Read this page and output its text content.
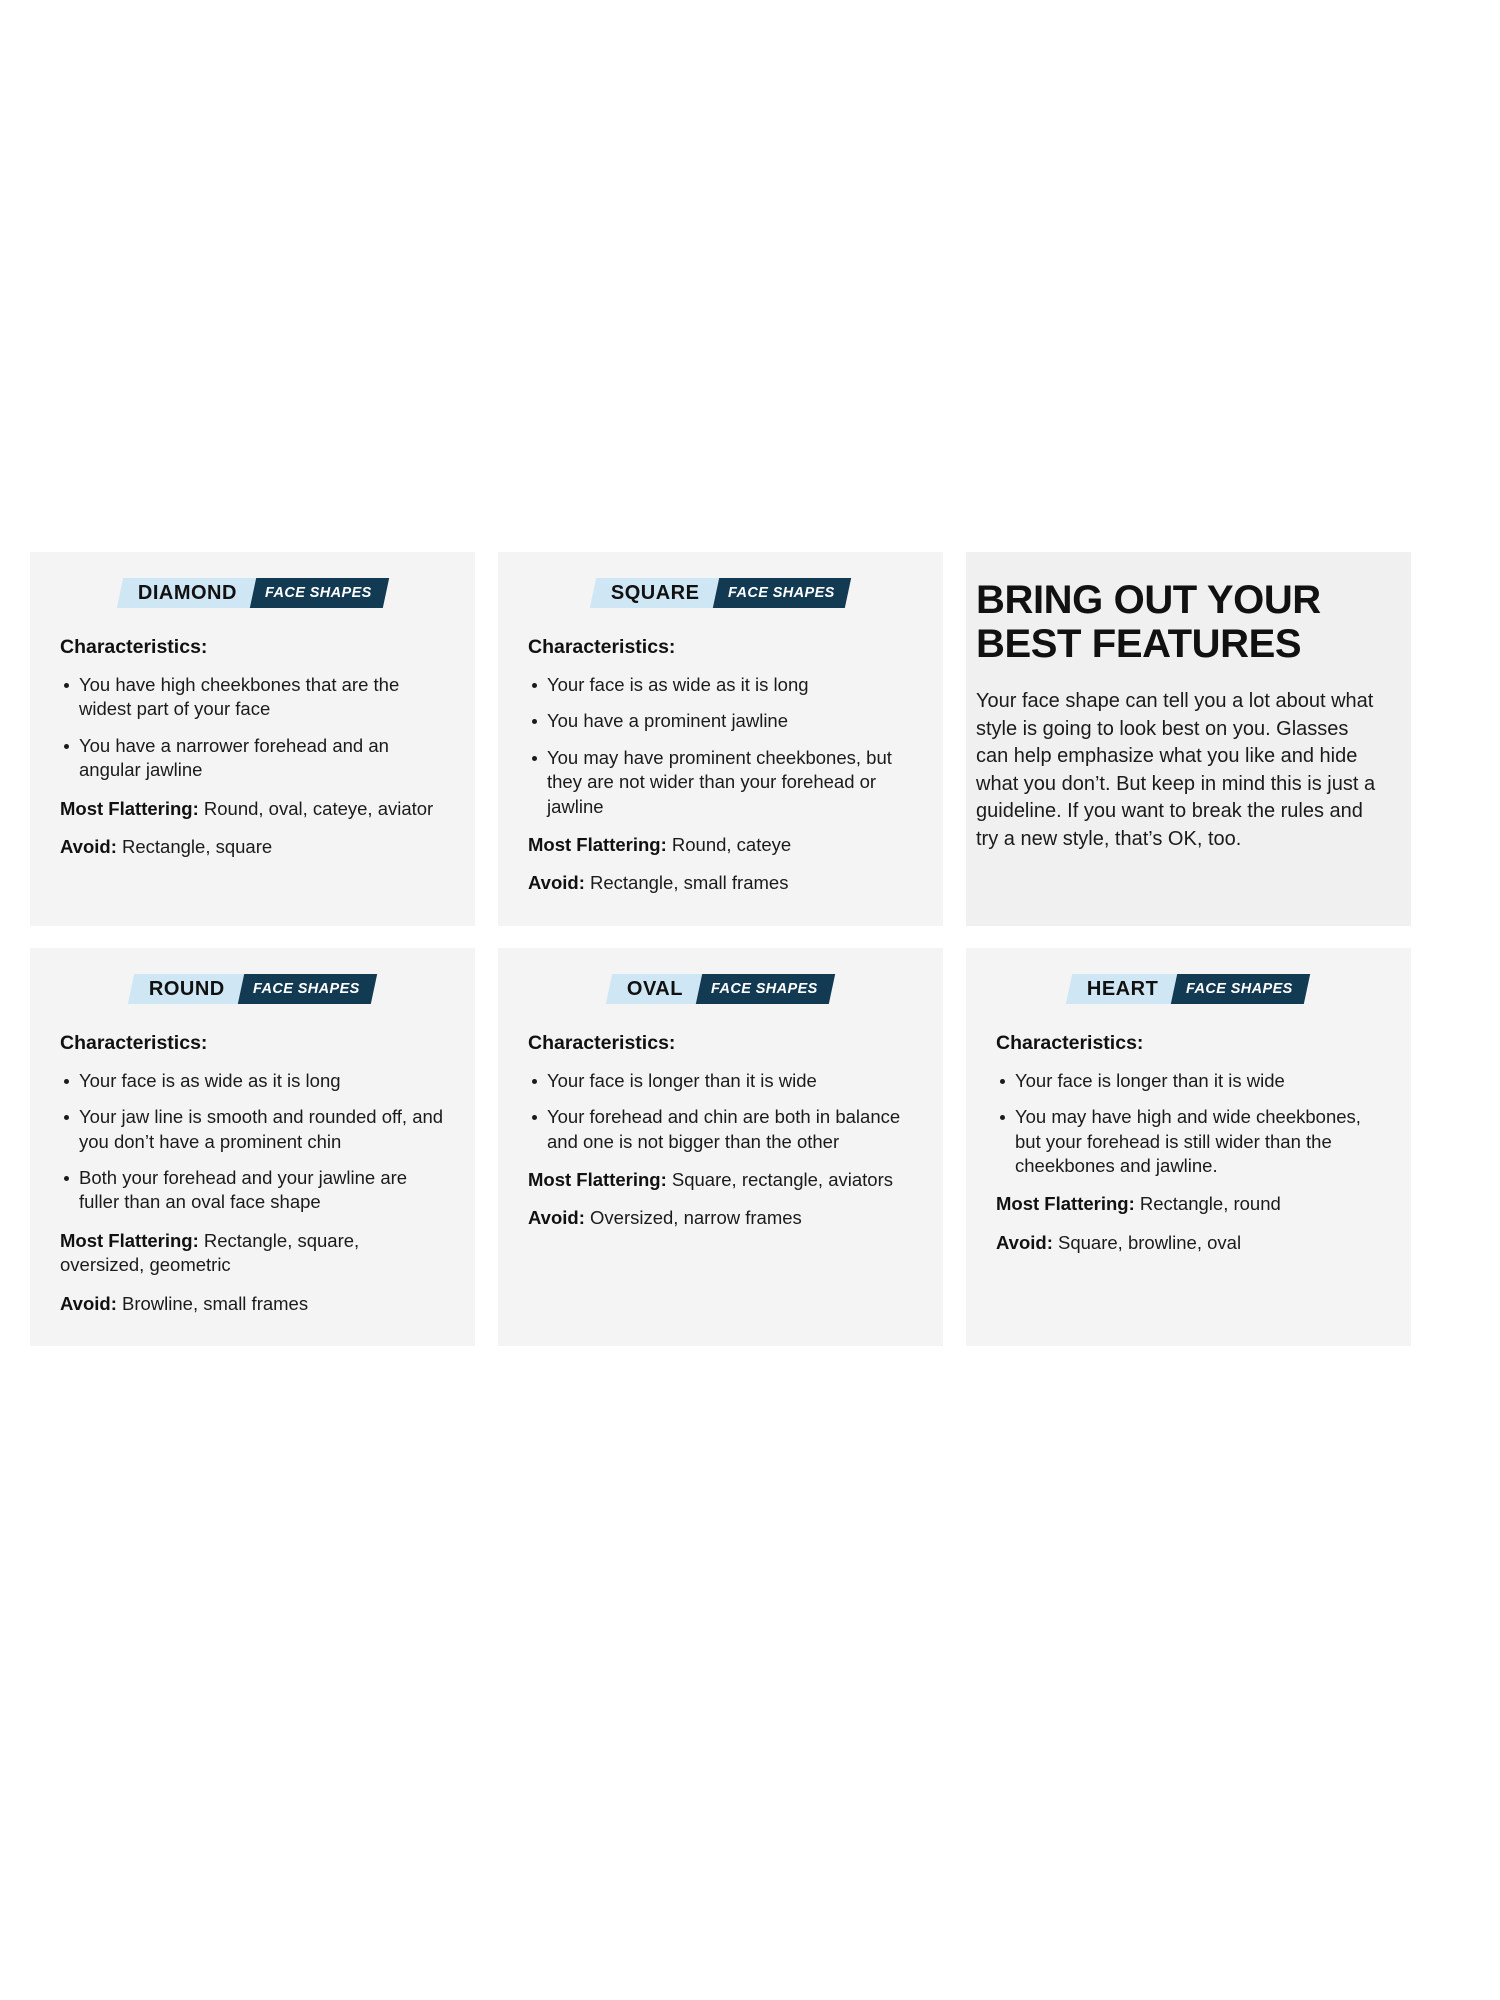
DIAMOND FACE SHAPES
Characteristics:
You have high cheekbones that are the widest part of your face
You have a narrower forehead and an angular jawline

Most Flattering: Round, oval, cateye, aviator

Avoid: Rectangle, square

SQUARE FACE SHAPES
Characteristics:
Your face is as wide as it is long
You have a prominent jawline
You may have prominent cheekbones, but they are not wider than your forehead or jawline

Most Flattering: Round, cateye

Avoid: Rectangle, small frames

BRING OUT YOUR BEST FEATURES

Your face shape can tell you a lot about what style is going to look best on you. Glasses can help emphasize what you like and hide what you don’t. But keep in mind this is just a guideline. If you want to break the rules and try a new style, that’s OK, too.

ROUND FACE SHAPES
Characteristics:
Your face is as wide as it is long
Your jaw line is smooth and rounded off, and you don’t have a prominent chin
Both your forehead and your jawline are fuller than an oval face shape

Most Flattering: Rectangle, square, oversized, geometric

Avoid: Browline, small frames

OVAL FACE SHAPES
Characteristics:
Your face is longer than it is wide
Your forehead and chin are both in balance and one is not bigger than the other

Most Flattering: Square, rectangle, aviators

Avoid: Oversized, narrow frames

HEART FACE SHAPES
Characteristics:
Your face is longer than it is wide
You may have high and wide cheekbones, but your forehead is still wider than the cheekbones and jawline.

Most Flattering: Rectangle, round

Avoid: Square, browline, oval
